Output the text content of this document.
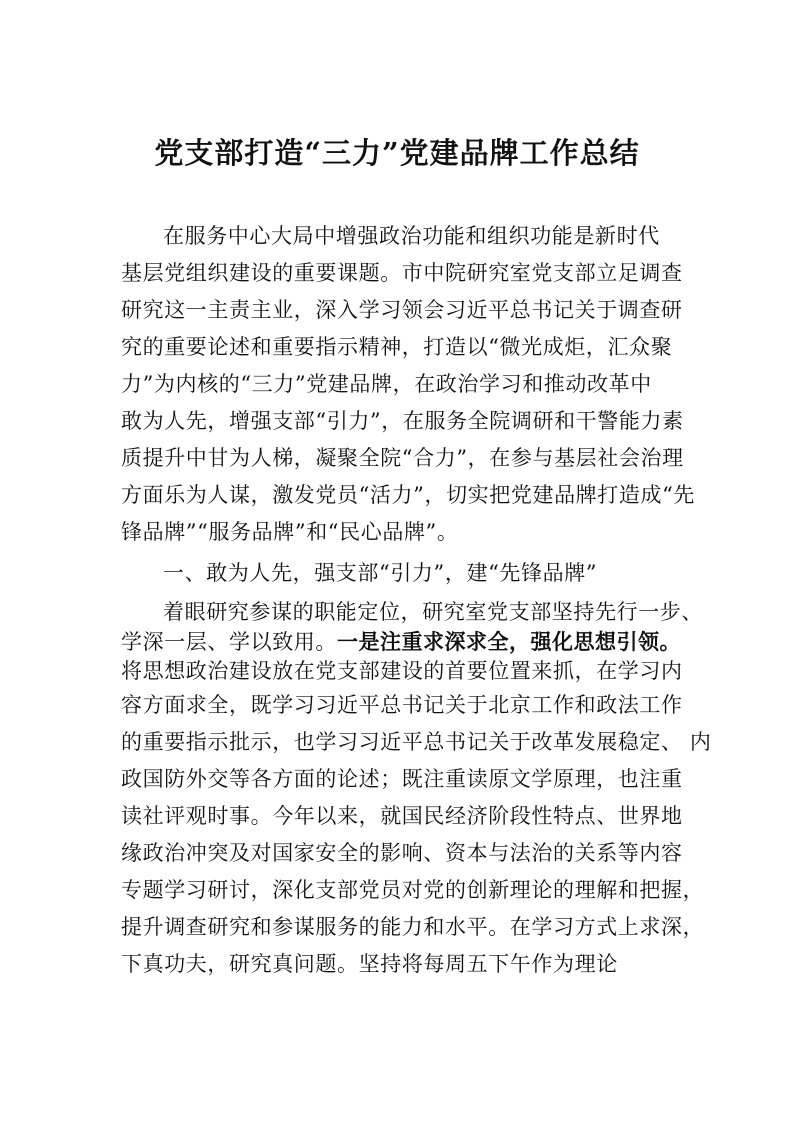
党支部打造“三力”党建品牌工作总结
在服务中心大局中增强政治功能和组织功能是新时代
基层党组织建设的重要课题。市中院研究室党支部立足调查
研究这一主责主业，深入学习领会习近平总书记关于调查研
究的重要论述和重要指示精神，打造以“微光成炬，汇众聚
力”为内核的“三力”党建品牌，在政治学习和推动改革中
敢为人先，增强支部“引力”，在服务全院调研和干警能力素
质提升中甘为人梯，凝聚全院“合力”，在参与基层社会治理
方面乐为人谋，激发党员“活力”，切实把党建品牌打造成“先
锋品牌”“服务品牌”和“民心品牌”。
一、敢为人先，强支部“引力”，建“先锋品牌”
着眼研究参谋的职能定位，研究室党支部坚持先行一步、
学深一层、学以致用。一是注重求深求全，强化思想引领。
将思想政治建设放在党支部建设的首要位置来抓，在学习内
容方面求全，既学习习近平总书记关于北京工作和政法工作
的重要指示批示，也学习习近平总书记关于改革发展稳定、 内
政国防外交等各方面的论述；既注重读原文学原理，也注重
读社评观时事。今年以来，就国民经济阶段性特点、世界地
缘政治冲突及对国家安全的影响、资本与法治的关系等内容
专题学习研讨，深化支部党员对党的创新理论的理解和把握，
提升调查研究和参谋服务的能力和水平。在学习方式上求深，
下真功夫，研究真问题。坚持将每周五下午作为理论
